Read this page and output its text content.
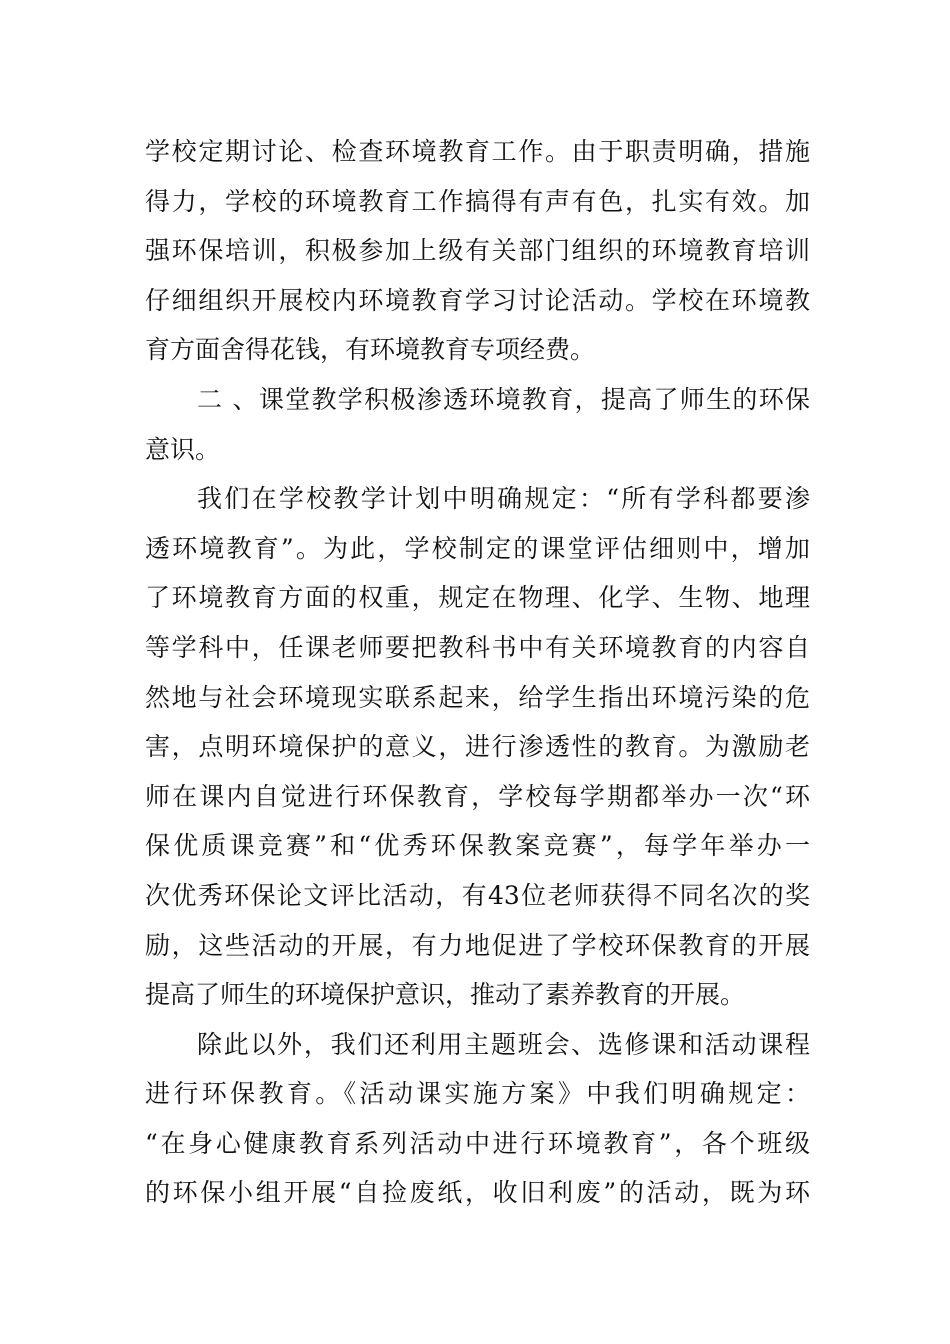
学校定期讨论、检查环境教育工作。由于职责明确，措施
得力，学校的环境教育工作搞得有声有色，扎实有效。加
强环保培训，积极参加上级有关部门组织的环境教育培训
仔细组织开展校内环境教育学习讨论活动。学校在环境教
育方面舍得花钱，有环境教育专项经费。
二 、课堂教学积极渗透环境教育，提高了师生的环保
意识。
我们在学校教学计划中明确规定：“所有学科都要渗
透环境教育”。为此，学校制定的课堂评估细则中，增加
了环境教育方面的权重，规定在物理、化学、生物、地理
等学科中，任课老师要把教科书中有关环境教育的内容自
然地与社会环境现实联系起来，给学生指出环境污染的危
害，点明环境保护的意义，进行渗透性的教育。为激励老
师在课内自觉进行环保教育，学校每学期都举办一次“环
保优质课竞赛”和“优秀环保教案竞赛”，每学年举办一
次优秀环保论文评比活动，有43位老师获得不同名次的奖
励，这些活动的开展，有力地促进了学校环保教育的开展
提高了师生的环境保护意识，推动了素养教育的开展。
除此以外，我们还利用主题班会、选修课和活动课程
进行环保教育。《活动课实施方案》中我们明确规定：
“在身心健康教育系列活动中进行环境教育”，各个班级
的环保小组开展“自捡废纸，收旧利废”的活动，既为环
